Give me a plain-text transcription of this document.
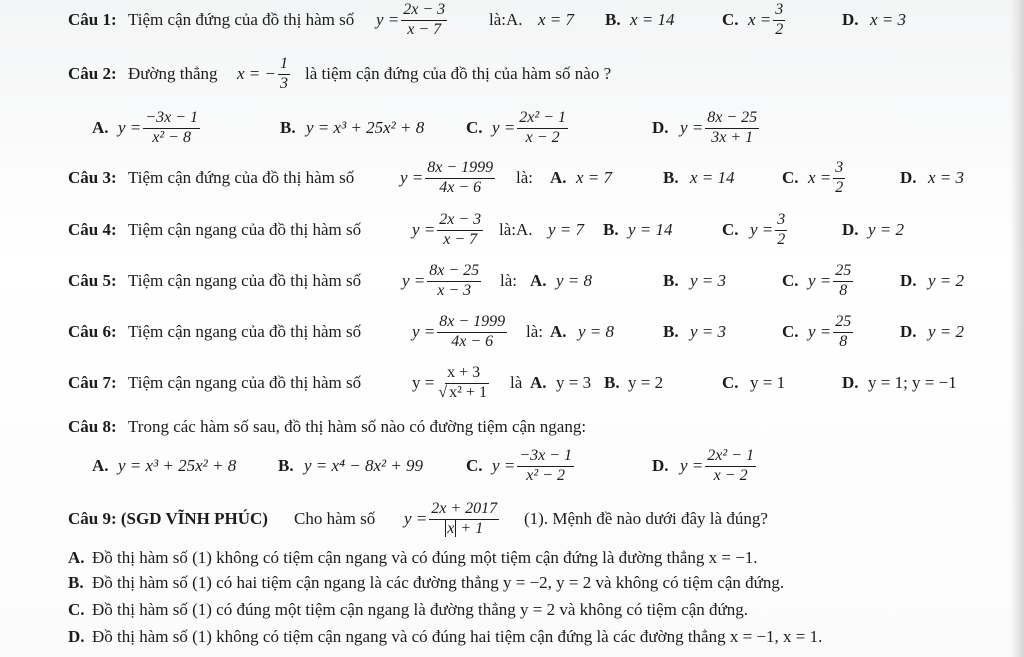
Câu 1: Tiệm cận đứng của đồ thị hàm số $y = \frac{2x - 3}{x - 7}$ là:A. x = 7 B. x = 14	C. $x = \frac{3}{2}$	D. x = 3
Câu 2: Đường thẳng x = − $\frac{1}{3}$ là tiệm cận đứng của đồ thị của hàm số nào ?
A. $y = \frac{-3x - 1}{\text{x² − 8}}$	B. y = x³ + 25x² + 8 C. $y = \frac{\text{2x² − 1}}{x - 2}$	D. $y = \frac{8x - 25}{3x + 1}$
Câu 3: Tiệm cận đứng của đồ thị hàm số	$y = \frac{8x - 1999}{4x - 6}$ là: A. x = 7	B. x = 14	C. $x = \frac{3}{2}$	D. x = 3
Câu 4: Tiệm cận ngang của đồ thị hàm số	$y = \frac{2x - 3}{x - 7}$ là:A. y = 7 B. y = 14	C. $y = \frac{3}{2}$	D. y = 2
Câu 5: Tiệm cận ngang của đồ thị hàm số $y = \frac{8x - 25}{x - 3}$ là: A. y = 8	B. y = 3	C. $y = \frac{25}{8}$	D. y = 2
Câu 6: Tiệm cận ngang của đồ thị hàm số	$y = \frac{8x - 1999}{4x - 6}$ là: A. y = 8	B. y = 3	C. $y = \frac{25}{8}$	D. y = 2
Câu 7: Tiệm cận ngang của đồ thị hàm số	$y = \frac{x + 3}{\text{√ x² + 1}}$ là A. y = 3 B. y = 2	C. y = 1	D. y = 1; y = −1
Câu 8: Trong các hàm số sau, đồ thị hàm số nào có đường tiệm cận ngang:
A. y = x³ + 25x² + 8 B. y = x⁴ − 8x² + 99	C. $y = \frac{-3x - 1}{\text{x² − 2}}$	D. $y = \frac{\text{2x² − 1}}{x - 2}$
Câu 9: (SGD VĨNH PHÚC) Cho hàm số $y = \frac{2x + 2017}{x + 1} (1)$. Mệnh đề nào dưới đây là đúng?
A. Đồ thị hàm số (1) không có tiệm cận ngang và có đúng một tiệm cận đứng là đường thẳng x = −1.
B. Đồ thị hàm số (1) có hai tiệm cận ngang là các đường thẳng y = −2, y = 2 và không có tiệm cận đứng.
C. Đồ thị hàm số (1) có đúng một tiệm cận ngang là đường thẳng y = 2 và không có tiệm cận đứng.
D. Đồ thị hàm số (1) không có tiệm cận ngang và có đúng hai tiệm cận đứng là các đường thẳng x = −1, x = 1.
